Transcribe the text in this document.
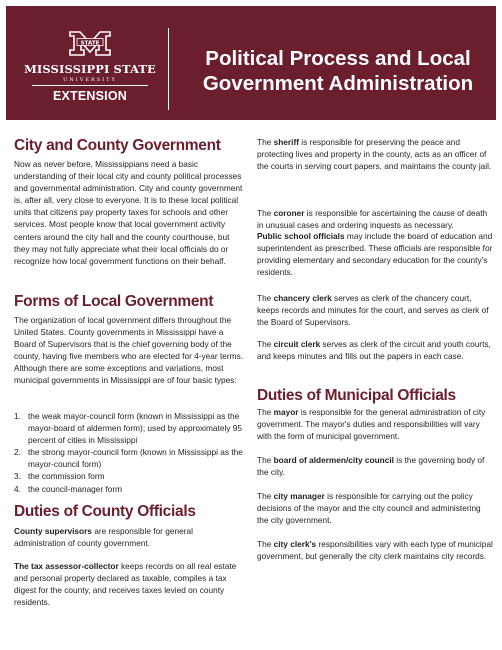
STATE
MISSISSIPPI STATE
UNIVERSITY
EXTENSION
Political Process and Local
Government Administration
City and County Government

Now as never before, Mississippians need a basic understanding of their local city and county political processes and governmental administration. City and county government is, after all, very close to everyone. It is to these local political units that citizens pay property taxes for schools and other services. Most people know that local government activity centers around the city hall and the county courthouse, but they may not fully appreciate what their local officials do or recognize how local government functions on their behalf.

Forms of Local Government

The organization of local government differs throughout the United States. County governments in Mississippi have a Board of Supervisors that is the chief governing body of the county, having five members who are elected for 4-year terms. Although there are some exceptions and variations, most municipal governments in Mississippi are of four basic types:

1. the weak mayor-council form (known in Mississippi as the mayor-board of aldermen form); used by approximately 95 percent of cities in Mississippi
2. the strong mayor-council form (known in Mississippi as the mayor-council form)
3. the commission form
4. the council-manager form
Duties of County Officials

County supervisors are responsible for general administration of county government.

The tax assessor-collector keeps records on all real estate and personal property declared as taxable, compiles a tax digest for the county, and receives taxes levied on county residents.

The sheriff is responsible for preserving the peace and protecting lives and property in the county, acts as an officer of the courts in serving court papers, and maintains the county jail.

The coroner is responsible for ascertaining the cause of death in unusual cases and ordering inquests as necessary.

Public school officials may include the board of education and superintendent as prescribed. These officials are responsible for providing elementary and secondary education for the county's residents.

The chancery clerk serves as clerk of the chancery court, keeps records and minutes for the court, and serves as clerk of the Board of Supervisors.

The circuit clerk serves as clerk of the circuit and youth courts, and keeps minutes and fills out the papers in each case.

Duties of Municipal Officials

The mayor is responsible for the general administration of city government. The mayor's duties and responsibilities will vary with the form of municipal government.

The board of aldermen/city council is the governing body of the city.

The city manager is responsible for carrying out the policy decisions of the mayor and the city council and administering the city government.

The city clerk's responsibilities vary with each type of municipal government, but generally the city clerk maintains city records.
